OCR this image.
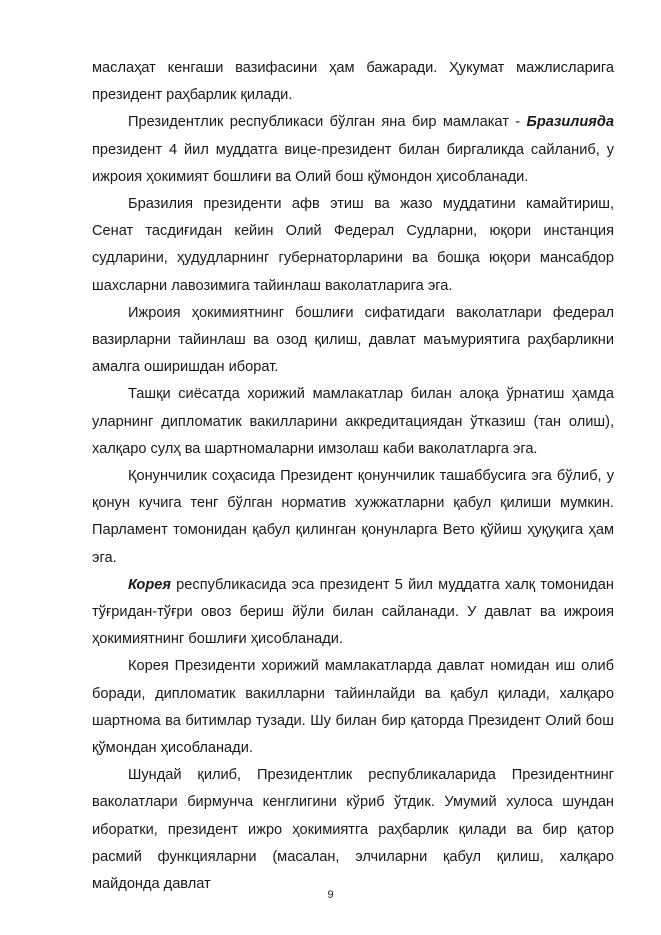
маслаҳат кенгаши вазифасини ҳам бажаради. Ҳукумат мажлисларига президент раҳбарлик қилади.

Президентлик республикаси бўлган яна бир мамлакат - Бразилияда президент 4 йил муддатга вице-президент билан биргаликда сайланиб, у ижроия ҳокимият бошлиғи ва Олий бош қўмондон ҳисобланади.

Бразилия президенти афв этиш ва жазо муддатини камайтириш, Сенат тасдиғидан кейин Олий Федерал Судларни, юқори инстанция судларини, ҳудудларнинг губернаторларини ва бошқа юқори мансабдор шахсларни лавозимига тайинлаш ваколатларига эга.

Ижроия ҳокимиятнинг бошлиғи сифатидаги ваколатлари федерал вазирларни тайинлаш ва озод қилиш, давлат маъмуриятига раҳбарликни амалга оширишдан иборат.

Ташқи сиёсатда хорижий мамлакатлар билан алоқа ўрнатиш ҳамда уларнинг дипломатик вакилларини аккредитациядан ўтказиш (тан олиш), халқаро сулҳ ва шартномаларни имзолаш каби ваколатларга эга.

Қонунчилик соҳасида Президент қонунчилик ташаббусига эга бўлиб, у қонун кучига тенг бўлган норматив хужжатларни қабул қилиши мумкин. Парламент томонидан қабул қилинган қонунларга Вето қўйиш ҳуқуқига ҳам эга.

Корея республикасида эса президент 5 йил муддатга халқ томонидан тўғридан-тўғри овоз бериш йўли билан сайланади. У давлат ва ижроия ҳокимиятнинг бошлиғи ҳисобланади.

Корея Президенти хорижий мамлакатларда давлат номидан иш олиб боради, дипломатик вакилларни тайинлайди ва қабул қилади, халқаро шартнома ва битимлар тузади. Шу билан бир қаторда Президент Олий бош қўмондан ҳисобланади.

Шундай қилиб, Президентлик республикаларида Президентнинг ваколатлари бирмунча кенглигини кўриб ўтдик. Умумий хулоса шундан иборатки, президент ижро ҳокимиятга раҳбарлик қилади ва бир қатор расмий функцияларни (масалан, элчиларни қабул қилиш, халқаро майдонда давлат

9
